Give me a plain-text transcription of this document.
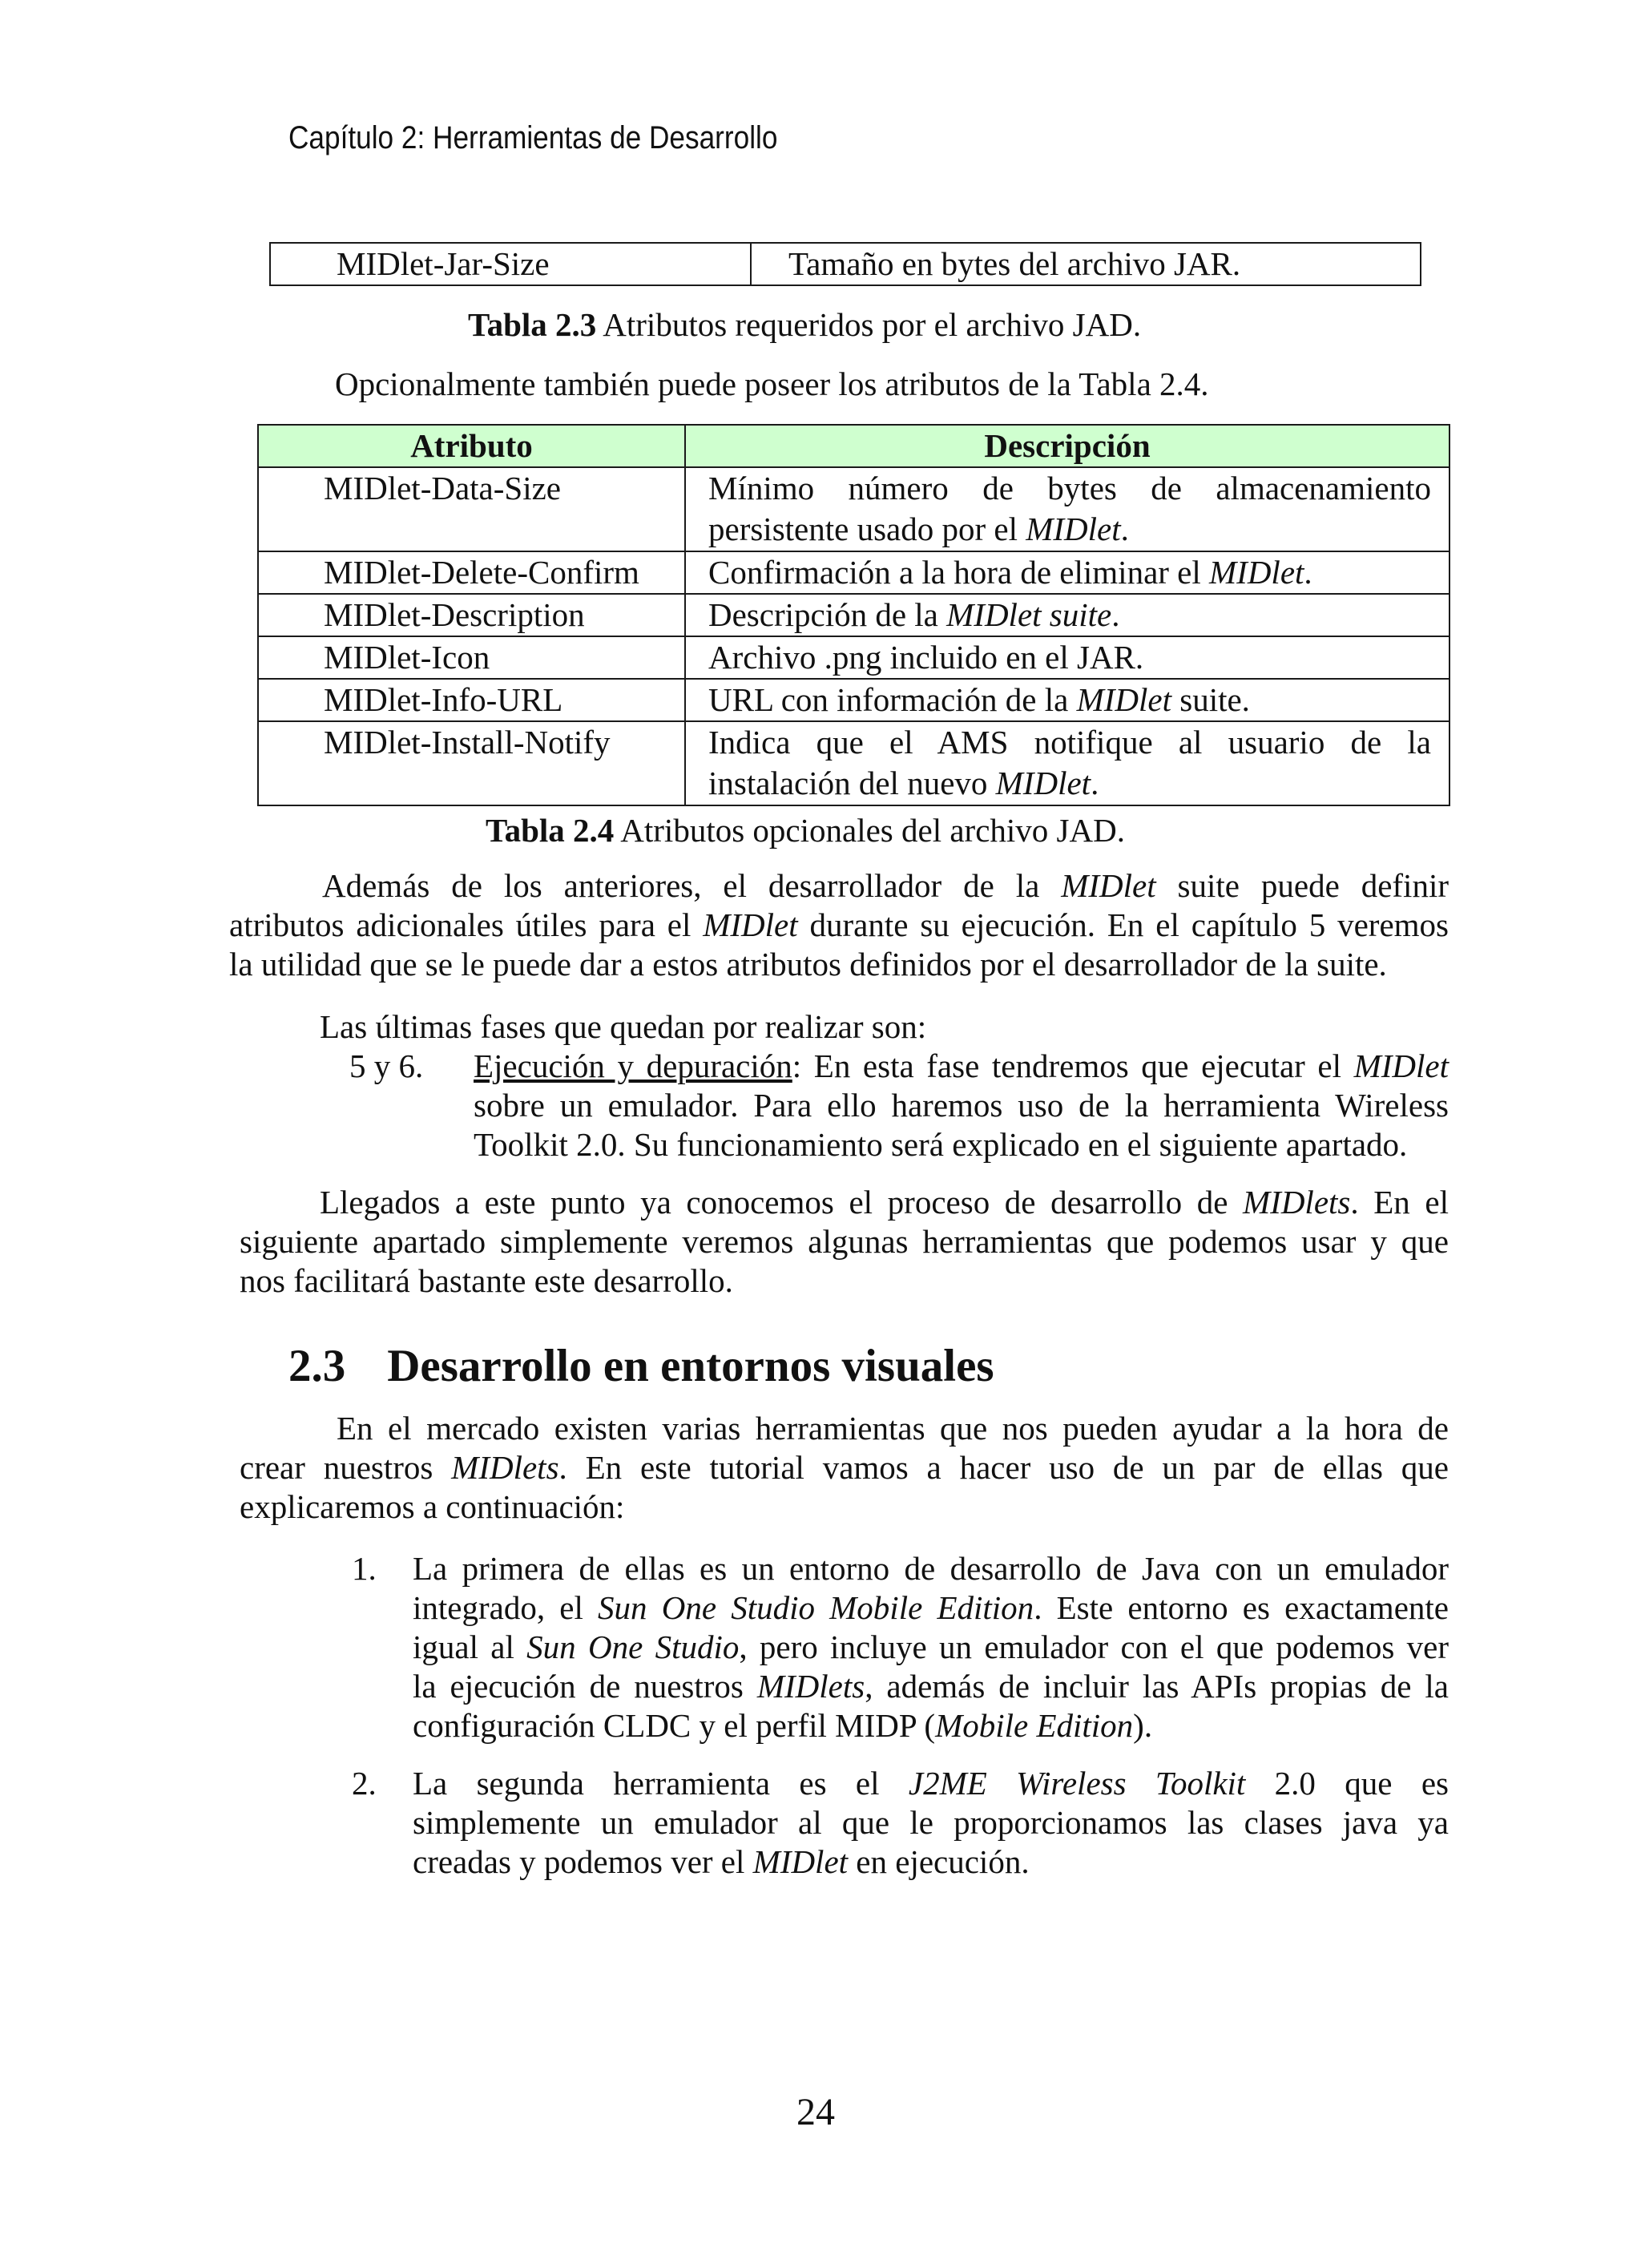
Capítulo 2: Herramientas de Desarrollo
MIDlet-Jar-Size	Tamaño en bytes del archivo JAR.
Tabla 2.3 Atributos requeridos por el archivo JAD.
Opcionalmente también puede poseer los atributos de la Tabla 2.4.
Atributo	Descripción
MIDlet-Data-Size	Mínimo número de bytes de almacenamiento
persistente usado por el MIDlet.

MIDlet-Delete-Confirm	Confirmación a la hora de eliminar el MIDlet.
MIDlet-Description	Descripción de la MIDlet suite.
MIDlet-Icon	Archivo .png incluido en el JAR.
MIDlet-Info-URL	URL con información de la MIDlet suite.
MIDlet-Install-Notify	Indica que el AMS notifique al usuario de la
instalación del nuevo MIDlet.
Tabla 2.4 Atributos opcionales del archivo JAD.
Además de los anteriores, el desarrollador de la MIDlet suite puede definir
atributos adicionales útiles para el MIDlet durante su ejecución. En el capítulo 5 veremos
la utilidad que se le puede dar a estos atributos definidos por el desarrollador de la suite.
Las últimas fases que quedan por realizar son:
5 y 6. Ejecución y depuración: En esta fase tendremos que ejecutar el MIDlet
sobre un emulador. Para ello haremos uso de la herramienta Wireless
Toolkit 2.0. Su funcionamiento será explicado en el siguiente apartado.
Llegados a este punto ya conocemos el proceso de desarrollo de MIDlets. En el
siguiente apartado simplemente veremos algunas herramientas que podemos usar y que
nos facilitará bastante este desarrollo.
2.3 Desarrollo en entornos visuales
En el mercado existen varias herramientas que nos pueden ayudar a la hora de
crear nuestros MIDlets. En este tutorial vamos a hacer uso de un par de ellas que
explicaremos a continuación:
1. La primera de ellas es un entorno de desarrollo de Java con un emulador
integrado, el Sun One Studio Mobile Edition. Este entorno es exactamente
igual al Sun One Studio, pero incluye un emulador con el que podemos ver
la ejecución de nuestros MIDlets, además de incluir las APIs propias de la
configuración CLDC y el perfil MIDP (Mobile Edition).
2. La segunda herramienta es el J2ME Wireless Toolkit 2.0 que es
simplemente un emulador al que le proporcionamos las clases java ya
creadas y podemos ver el MIDlet en ejecución.
24
